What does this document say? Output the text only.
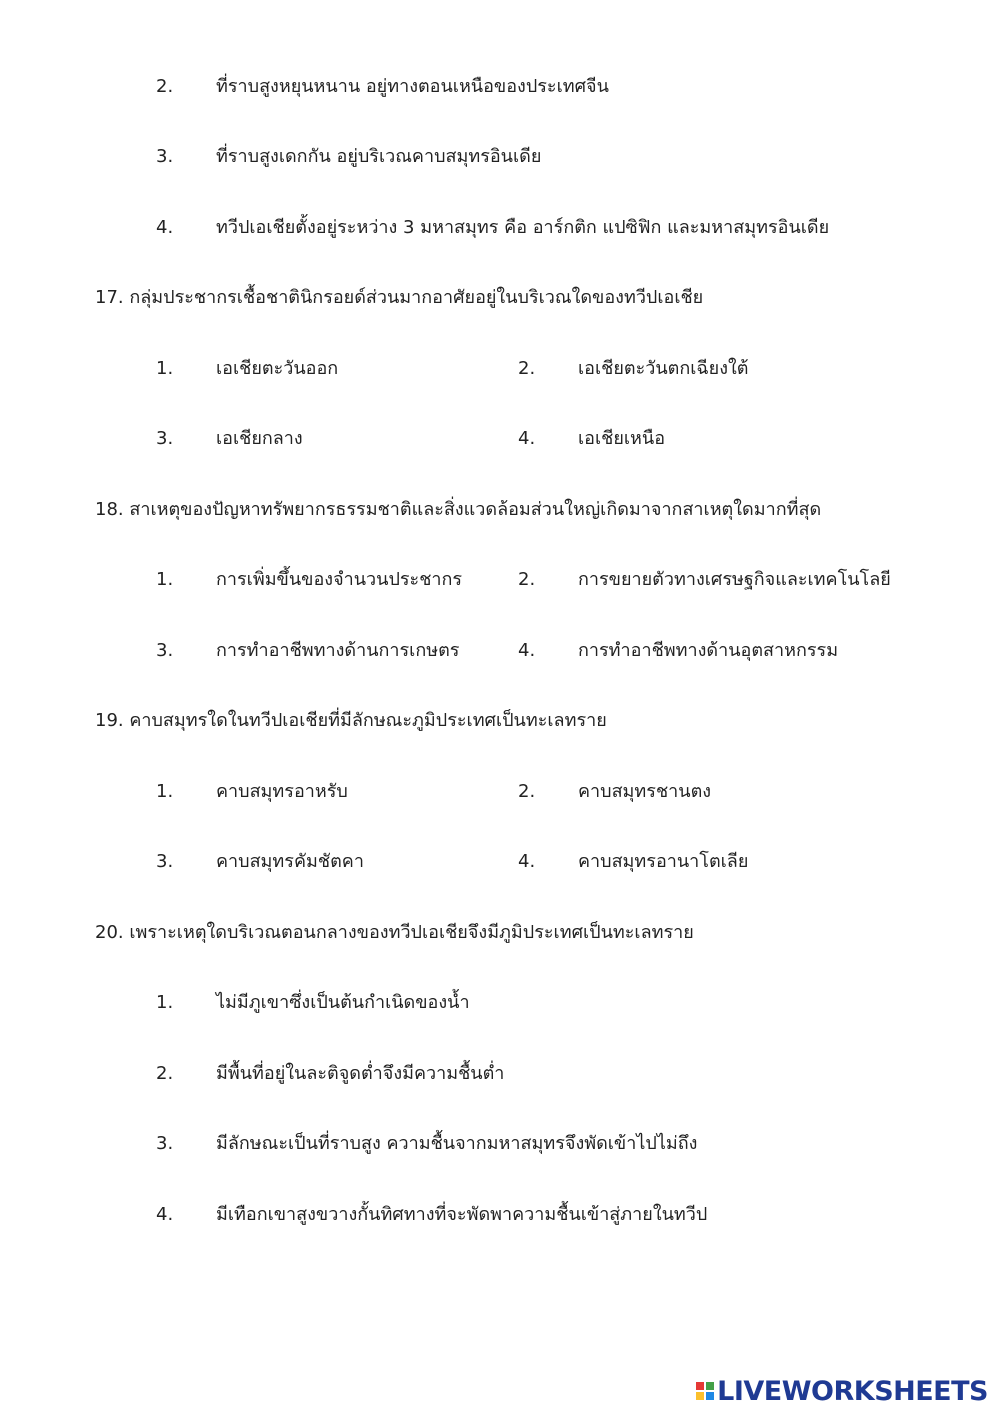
2.	ที่ราบสูงหยุนหนาน อยู่ทางตอนเหนือของประเทศจีน
3.	ที่ราบสูงเดกกัน อยู่บริเวณคาบสมุทรอินเดีย
4.	ทวีปเอเชียตั้งอยู่ระหว่าง 3 มหาสมุทร คือ อาร์กติก แปซิฟิก และมหาสมุทรอินเดีย
17. กลุ่มประชากรเชื้อชาตินิกรอยด์ส่วนมากอาศัยอยู่ในบริเวณใดของทวีปเอเชีย
1.	เอเชียตะวันออก	2.	เอเชียตะวันตกเฉียงใต้
3.	เอเชียกลาง	4.	เอเชียเหนือ
18. สาเหตุของปัญหาทรัพยากรธรรมชาติและสิ่งแวดล้อมส่วนใหญ่เกิดมาจากสาเหตุใดมากที่สุด
1.	การเพิ่มขึ้นของจำนวนประชากร	2.	การขยายตัวทางเศรษฐกิจและเทคโนโลยี
3.	การทำอาชีพทางด้านการเกษตร	4.	การทำอาชีพทางด้านอุตสาหกรรม
19. คาบสมุทรใดในทวีปเอเชียที่มีลักษณะภูมิประเทศเป็นทะเลทราย
1.	คาบสมุทรอาหรับ	2.	คาบสมุทรชานตง
3.	คาบสมุทรคัมชัตคา	4.	คาบสมุทรอานาโตเลีย
20. เพราะเหตุใดบริเวณตอนกลางของทวีปเอเชียจึงมีภูมิประเทศเป็นทะเลทราย
1.	ไม่มีภูเขาซึ่งเป็นต้นกำเนิดของน้ำ
2.	มีพื้นที่อยู่ในละติจูดต่ำจึงมีความชื้นต่ำ
3.	มีลักษณะเป็นที่ราบสูง ความชื้นจากมหาสมุทรจึงพัดเข้าไปไม่ถึง
4.	มีเทือกเขาสูงขวางกั้นทิศทางที่จะพัดพาความชื้นเข้าสู่ภายในทวีป
LIVEWORKSHEETS
